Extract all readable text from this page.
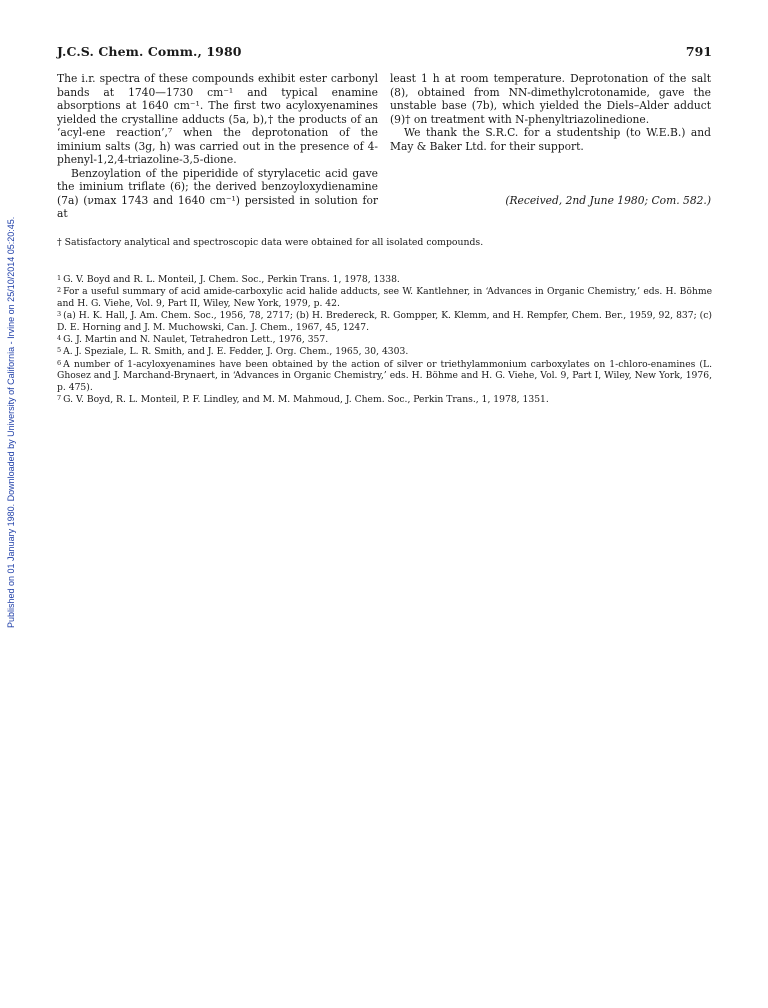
Published on 01 January 1980. Downloaded by University of California - Irvine on 25/10/2014 05:20:45.
J.C.S. Chem. Comm., 1980	791

The i.r. spectra of these compounds exhibit ester carbonyl bands at 1740—1730 cm⁻¹ and typical enamine absorptions at 1640 cm⁻¹. The first two acyloxyenamines yielded the crystalline adducts (5a, b),† the products of an ‘acyl-ene reaction’,⁷ when the deprotonation of the iminium salts (3g, h) was carried out in the presence of 4-phenyl-1,2,4-triazoline-3,5-dione.

Benzoylation of the piperidide of styrylacetic acid gave the iminium triflate (6); the derived benzoyloxydienamine (7a) (νmax 1743 and 1640 cm⁻¹) persisted in solution for at

least 1 h at room temperature. Deprotonation of the salt (8), obtained from NN-dimethylcrotonamide, gave the unstable base (7b), which yielded the Diels–Alder adduct (9)† on treatment with N-phenyltriazolinedione.

We thank the S.R.C. for a studentship (to W.E.B.) and May & Baker Ltd. for their support.

(Received, 2nd June 1980; Com. 582.)
† Satisfactory analytical and spectroscopic data were obtained for all isolated compounds.

$^1$ G. V. Boyd and R. L. Monteil, J. Chem. Soc., Perkin Trans. 1, 1978, 1338.

$^2$ For a useful summary of acid amide-carboxylic acid halide adducts, see W. Kantlehner, in ‘Advances in Organic Chemistry,’ eds. H. Böhme and H. G. Viehe, Vol. 9, Part II, Wiley, New York, 1979, p. 42.

$^3$ (a) H. K. Hall, J. Am. Chem. Soc., 1956, 78, 2717; (b) H. Bredereck, R. Gompper, K. Klemm, and H. Rempfer, Chem. Ber., 1959, 92, 837; (c) D. E. Horning and J. M. Muchowski, Can. J. Chem., 1967, 45, 1247.

$^4$ G. J. Martin and N. Naulet, Tetrahedron Lett., 1976, 357.

$^5$ A. J. Speziale, L. R. Smith, and J. E. Fedder, J. Org. Chem., 1965, 30, 4303.

$^6$ A number of 1-acyloxyenamines have been obtained by the action of silver or triethylammonium carboxylates on 1-chloro-enamines (L. Ghosez and J. Marchand-Brynaert, in ‘Advances in Organic Chemistry,’ eds. H. Böhme and H. G. Viehe, Vol. 9, Part I, Wiley, New York, 1976, p. 475).

$^7$ G. V. Boyd, R. L. Monteil, P. F. Lindley, and M. M. Mahmoud, J. Chem. Soc., Perkin Trans., 1, 1978, 1351.
